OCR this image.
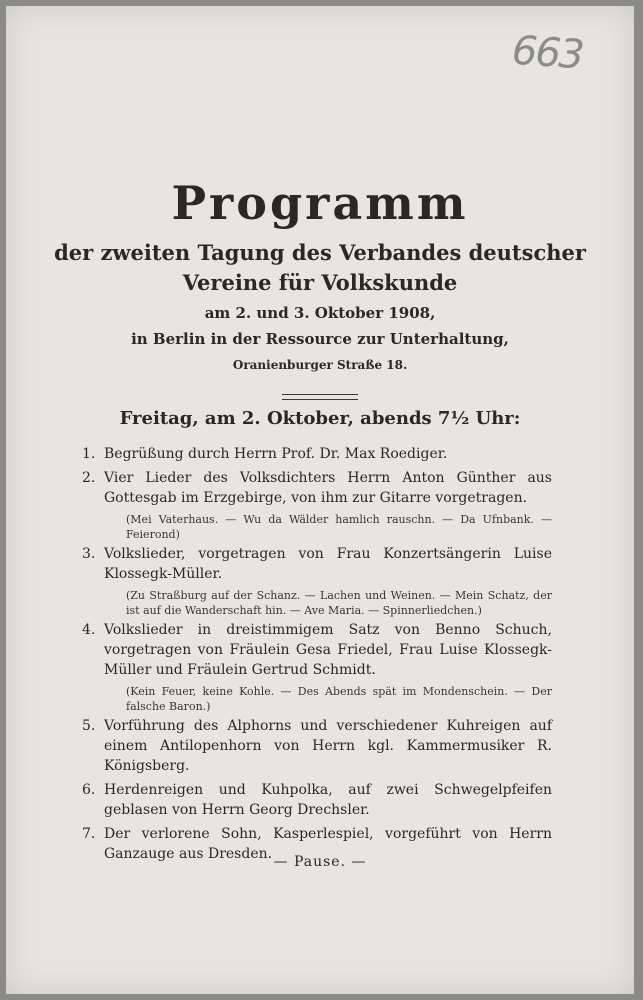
663
Programm
der zweiten Tagung des Verbandes deutscher
Vereine für Volkskunde
am 2. und 3. Oktober 1908,
in Berlin in der Ressource zur Unterhaltung,
Oranienburger Straße 18.
Freitag, am 2. Oktober, abends 7½ Uhr:
1. Begrüßung durch Herrn Prof. Dr. Max Roediger.
2. Vier Lieder des Volksdichters Herrn Anton Günther aus Gottesgab im Erzgebirge, von ihm zur Gitarre vorgetragen.
(Mei Vaterhaus. — Wu da Wälder hamlich rauschn. — Da Ufnbank. — Feierond)
3. Volkslieder, vorgetragen von Frau Konzertsängerin Luise Klossegk-Müller.
(Zu Straßburg auf der Schanz. — Lachen und Weinen. — Mein Schatz, der ist auf die Wanderschaft hin. — Ave Maria. — Spinnerliedchen.)
4. Volkslieder in dreistimmigem Satz von Benno Schuch, vorgetragen von Fräulein Gesa Friedel, Frau Luise Klossegk-Müller und Fräulein Gertrud Schmidt.
(Kein Feuer, keine Kohle. — Des Abends spät im Mondenschein. — Der falsche Baron.)
5. Vorführung des Alphorns und verschiedener Kuhreigen auf einem Antilopenhorn von Herrn kgl. Kammermusiker R. Königsberg.
6. Herdenreigen und Kuhpolka, auf zwei Schwegelpfeifen geblasen von Herrn Georg Drechsler.
7. Der verlorene Sohn, Kasperlespiel, vorgeführt von Herrn Ganzauge aus Dresden. — Pause. —
